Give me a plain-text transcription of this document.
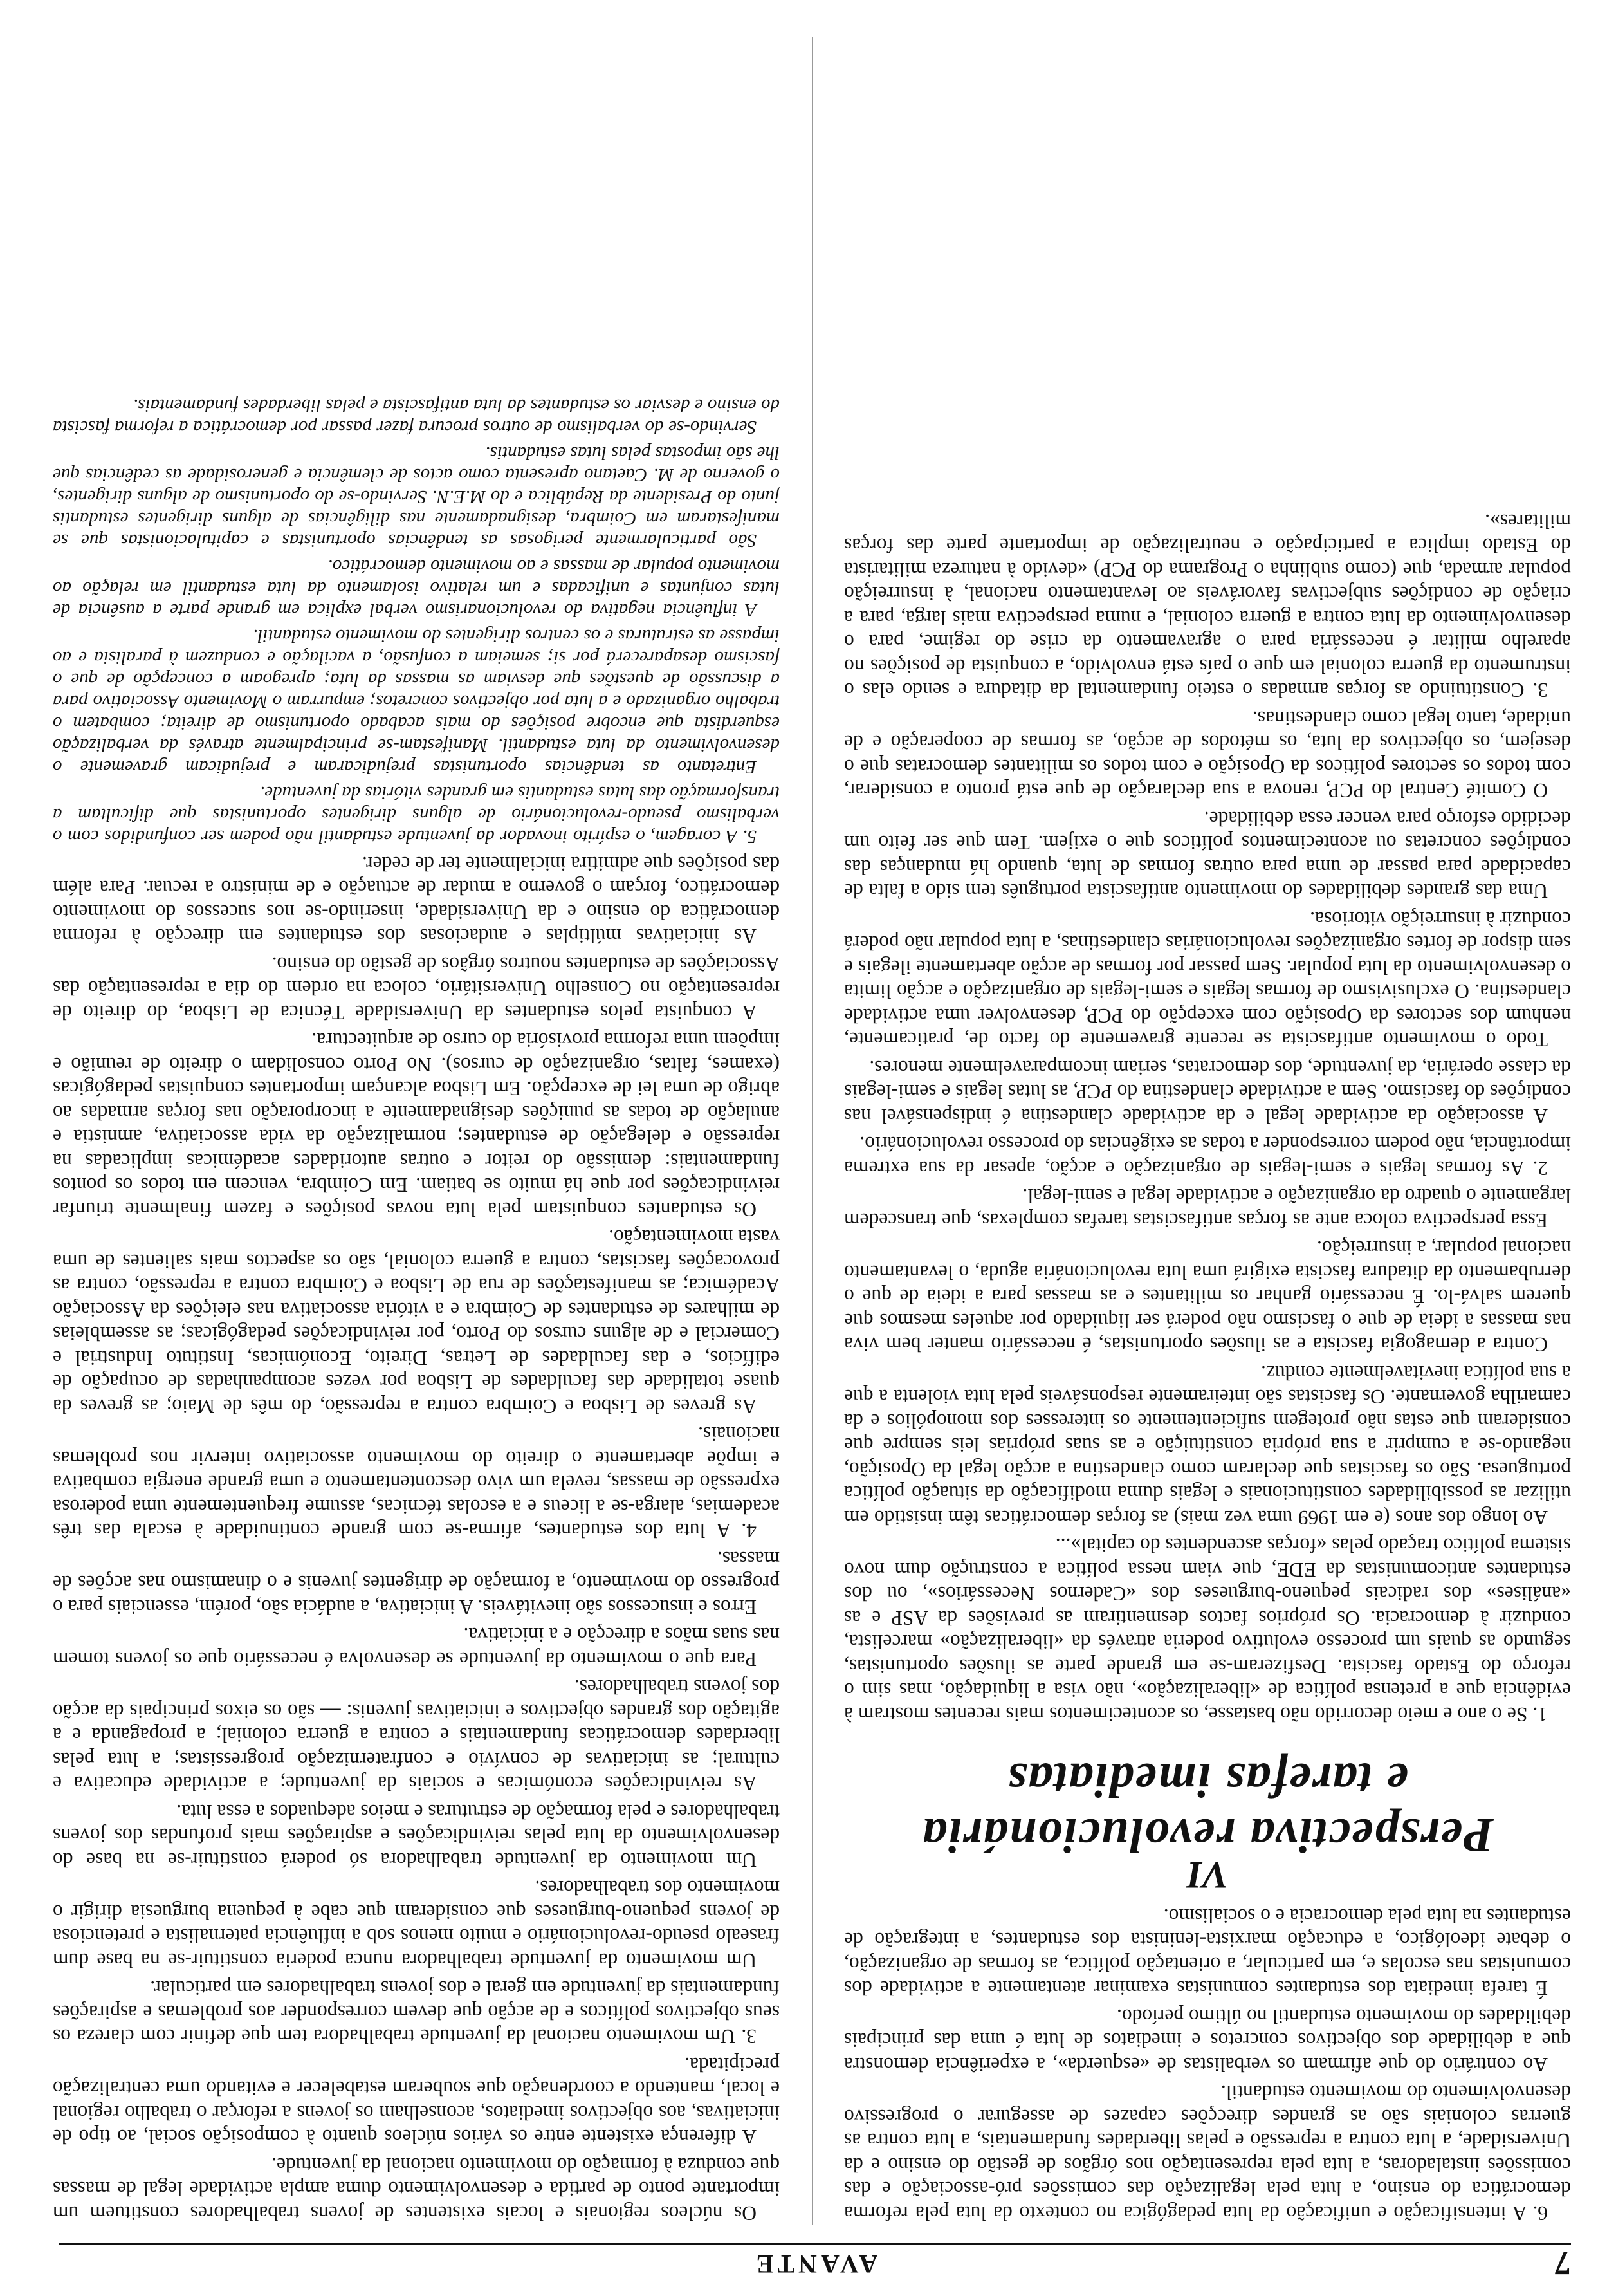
7
AVANTE

6. A intensificação e unificação da luta pedagógica no contexto da luta pela reforma democrática do ensino, a luta pela legalização das comissões pró-associação e das comissões instaladoras, a luta pela representação nos órgãos de gestão do ensino e da Universidade, a luta contra a repressão e pelas liberdades fundamentais, a luta contra as guerras coloniais são as grandes direcções capazes de assegurar o progressivo desenvolvimento do movimento estudantil.

Ao contrário do que afirmam os verbalistas de «esquerda», a experiência demonstra que a debilidade dos objectivos concretos e imediatos de luta é uma das principais debilidades do movimento estudantil no último período.

É tarefa imediata dos estudantes comunistas examinar atentamente a actividade dos comunistas nas escolas e, em particular, a orientação política, as formas de organização, o debate ideológico, a educação marxista-leninista dos estudantes, a integração de estudantes na luta pela democracia e o socialismo.

VI
Perspectiva revolucionária
e tarefas imediatas

1. Se o ano e meio decorrido não bastasse, os acontecimentos mais recentes mostram à evidência que a pretensa política de «liberalização», não visa a liquidação, mas sim o reforço do Estado fascista. Desfizeram-se em grande parte as ilusões oportunistas, segundo as quais um processo evolutivo poderia através da «liberalização» marcelista, conduzir à democracia. Os próprios factos desmentiram as previsões da ASP e as «análises» dos radicais pequeno-burgueses dos «Cadernos Necessários», ou dos estudantes anticomunistas da EDE, que viam nessa política a construção dum novo sistema político traçado pelas «forças ascendentes do capital»...

Ao longo dos anos (e em 1969 uma vez mais) as forças democráticas têm insistido em utilizar as possibilidades constitucionais e legais duma modificação da situação política portuguesa. São os fascistas que declaram como clandestina a acção legal da Oposição, negando-se a cumprir a sua própria constituição e as suas próprias leis sempre que consideram que estas não protegem suficientemente os interesses dos monopólios e da camarilha governante. Os fascistas são inteiramente responsáveis pela luta violenta a que a sua política inevitavelmente conduz.

Contra a demagogia fascista e as ilusões oportunistas, é necessário manter bem viva nas massas a ideia de que o fascismo não poderá ser liquidado por aqueles mesmos que querem salvá-lo. É necessário ganhar os militantes e as massas para a ideia de que o derrubamento da ditadura fascista exigirá uma luta revolucionária aguda, o levantamento nacional popular, a insurreição.

Essa perspectiva coloca ante as forças antifascistas tarefas complexas, que transcedem largamente o quadro da organização e actividade legal e semi-legal.

2. As formas legais e semi-legais de organização e acção, apesar da sua extrema importância, não podem corresponder a todas as exigências do processo revolucionário.

A associação da actividade legal e da actividade clandestina é indispensável nas condições do fascismo. Sem a actividade clandestina do PCP, as lutas legais e semi-legais da classe operária, da juventude, dos democratas, seriam incomparavelmente menores.

Todo o movimento antifascista se recente gravemente do facto de, praticamente, nenhum dos sectores da Oposição com excepção do PCP, desenvolver uma actividade clandestina. O exclusivismo de formas legais e semi-legais de organização e acção limita o desenvolvimento da luta popular. Sem passar por formas de acção abertamente ilegais e sem dispor de fortes organizações revolucionárias clandestinas, a luta popular não poderá conduzir à insurreição vitoriosa.

Uma das grandes debilidades do movimento antifascista português tem sido a falta de capacidade para passar de uma para outras formas de luta, quando há mudanças das condições concretas ou acontecimentos políticos que o exijem. Tem que ser feito um decidido esforço para vencer essa debilidade.

O Comité Central do PCP, renova a sua declaração de que está pronto a considerar, com todos os sectores políticos da Oposição e com todos os militantes democratas que o desejem, os objectivos da luta, os métodos de acção, as formas de cooperação e de unidade, tanto legal como clandestinas.

3. Constituindo as forças armadas o esteio fundamental da ditadura e sendo elas o instrumento da guerra colonial em que o país está envolvido, a conquista de posições no aparelho militar é necessária para o agravamento da crise do regime, para o desenvolvimento da luta contra a guerra colonial, e numa perspectiva mais larga, para a criação de condições subjectivas favoráveis ao levantamento nacional, à insurreição popular armada, que (como sublinha o Programa do PCP) «devido à natureza militarista do Estado implica a participação e neutralização de importante parte das forças militares».

Os núcleos regionais e locais existentes de jovens trabalhadores constituem um importante ponto de partida e desenvolvimento duma ampla actividade legal de massas que conduza à formação do movimento nacional da juventude.

A diferença existente entre os vários núcleos quanto à composição social, ao tipo de iniciativas, aos objectivos imediatos, aconselham os jovens a reforçar o trabalho regional e local, mantendo a coordenação que souberam estabelecer e evitando uma centralização precipitada.

3. Um movimento nacional da juventude trabalhadora tem que definir com clareza os seus objectivos políticos e de acção que devem corresponder aos problemas e aspirações fundamentais da juventude em geral e dos jovens trabalhadores em particular.

Um movimento da juventude trabalhadora nunca poderia constituir-se na base dum frasealo pseudo-revolucionário e muito menos sob a influência paternalista e pretenciosa de jovens pequeno-burgueses que consideram que cabe à pequena burguesia dirigir o movimento dos trabalhadores.

Um movimento da juventude trabalhadora só poderá constituir-se na base do desenvolvimento da luta pelas reivindicações e aspirações mais profundas dos jovens trabalhadores e pela formação de estruturas e meios adequados a essa luta.

As reivindicações económicas e sociais da juventude; a actividade educativa e cultural; as iniciativas de convívio e confraternização progressistas; a luta pelas liberdades democráticas fundamentais e contra a guerra colonial; a propaganda e a agitação dos grandes objectivos e iniciativas juvenis: — são os eixos principais da acção dos jovens trabalhadores.

Para que o movimento da juventude se desenvolva é necessário que os jovens tomem nas suas mãos a direcção e a iniciativa.

Erros e insucessos são inevitáveis. A iniciativa, a audácia são, porém, essenciais para o progresso do movimento, a formação de dirigentes juvenis e o dinamismo nas acções de massas.

4. A luta dos estudantes, afirma-se com grande continuidade à escala das três academias, alarga-se a liceus e a escolas técnicas, assume frequentemente uma poderosa expressão de massas, revela um vivo descontentamento e uma grande energia combativa e impõe abertamente o direito do movimento associativo intervir nos problemas nacionais.

As greves de Lisboa e Coimbra contra a repressão, do mês de Maio; as greves da quase totalidade das faculdades de Lisboa por vezes acompanhadas de ocupação de edifícios, e das faculdades de Letras, Direito, Económicas, Instituto Industrial e Comercial e de alguns cursos do Porto, por reivindicações pedagógicas; as assembleias de milhares de estudantes de Coimbra e a vitória associativa nas eleições da Associação Académica; as manifestações de rua de Lisboa e Coimbra contra a repressão, contra as provocações fascistas, contra a guerra colonial, são os aspectos mais salientes de uma vasta movimentação.

Os estudantes conquistam pela luta novas posições e fazem finalmente triunfar reivindicações por que há muito se batiam. Em Coimbra, vencem em todos os pontos fundamentais: demissão do reitor e outras autoridades académicas implicadas na repressão e delegação de estudantes; normalização da vida associativa, amnistia e anulação de todas as punições designadamente a incorporação nas forças armadas ao abrigo de uma lei de excepção. Em Lisboa alcançam importantes conquistas pedagógicas (exames, faltas, organização de cursos). No Porto consolidam o direito de reunião e impõem uma reforma provisória do curso de arquitectura.

A conquista pelos estudantes da Universidade Técnica de Lisboa, do direito de representação no Conselho Universitário, coloca na ordem do dia a representação das Associações de estudantes noutros órgãos de gestão do ensino.

As iniciativas múltiplas e audaciosas dos estudantes em direcção à reforma democrática do ensino e da Universidade, inserindo-se nos sucessos do movimento democrático, forçam o governo a mudar de actuação e de ministro a recuar. Para além das posições que admitira inicialmente ter de ceder.

5. A coragem, o espírito inovador da juventude estudantil não podem ser confundidos com o verbalismo pseudo-revolucionário de alguns dirigentes oportunistas que dificultam a transformação das lutas estudantis em grandes vitórias da juventude.

Entretanto as tendências oportunistas prejudicaram e prejudicam gravemente o desenvolvimento da luta estudantil. Manifestam-se principalmente através da verbalização esquerdista que encobre posições do mais acabado oportunismo de direita; combatem o trabalho organizado e a luta por objectivos concretos; empurram o Movimento Associativo para a discussão de questões que desviam as massas da luta; apregoam a concepção de que o fascismo desaparecerá por si; semeiam a confusão, a vacilação e conduzem à paralisia e ao impasse as estruturas e os centros dirigentes do movimento estudantil.

A influência negativa do revolucionarismo verbal explica em grande parte a ausência de lutas conjuntas e unificadas e um relativo isolamento da luta estudantil em relação ao movimento popular de massas e ao movimento democrático.

São particularmente perigosas as tendências oportunistas e capitulacionistas que se manifestaram em Coimbra, designadamente nas diligências de alguns dirigentes estudantis junto do Presidente da República e do M.E.N. Servindo-se do oportunismo de alguns dirigentes, o governo de M. Caetano apresenta como actos de clemência e generosidade as cedências que lhe são impostas pelas lutas estudantis.

Servindo-se do verbalismo de outros procura fazer passar por democrática a reforma fascista do ensino e desviar os estudantes da luta antifascista e pelas liberdades fundamentais.
